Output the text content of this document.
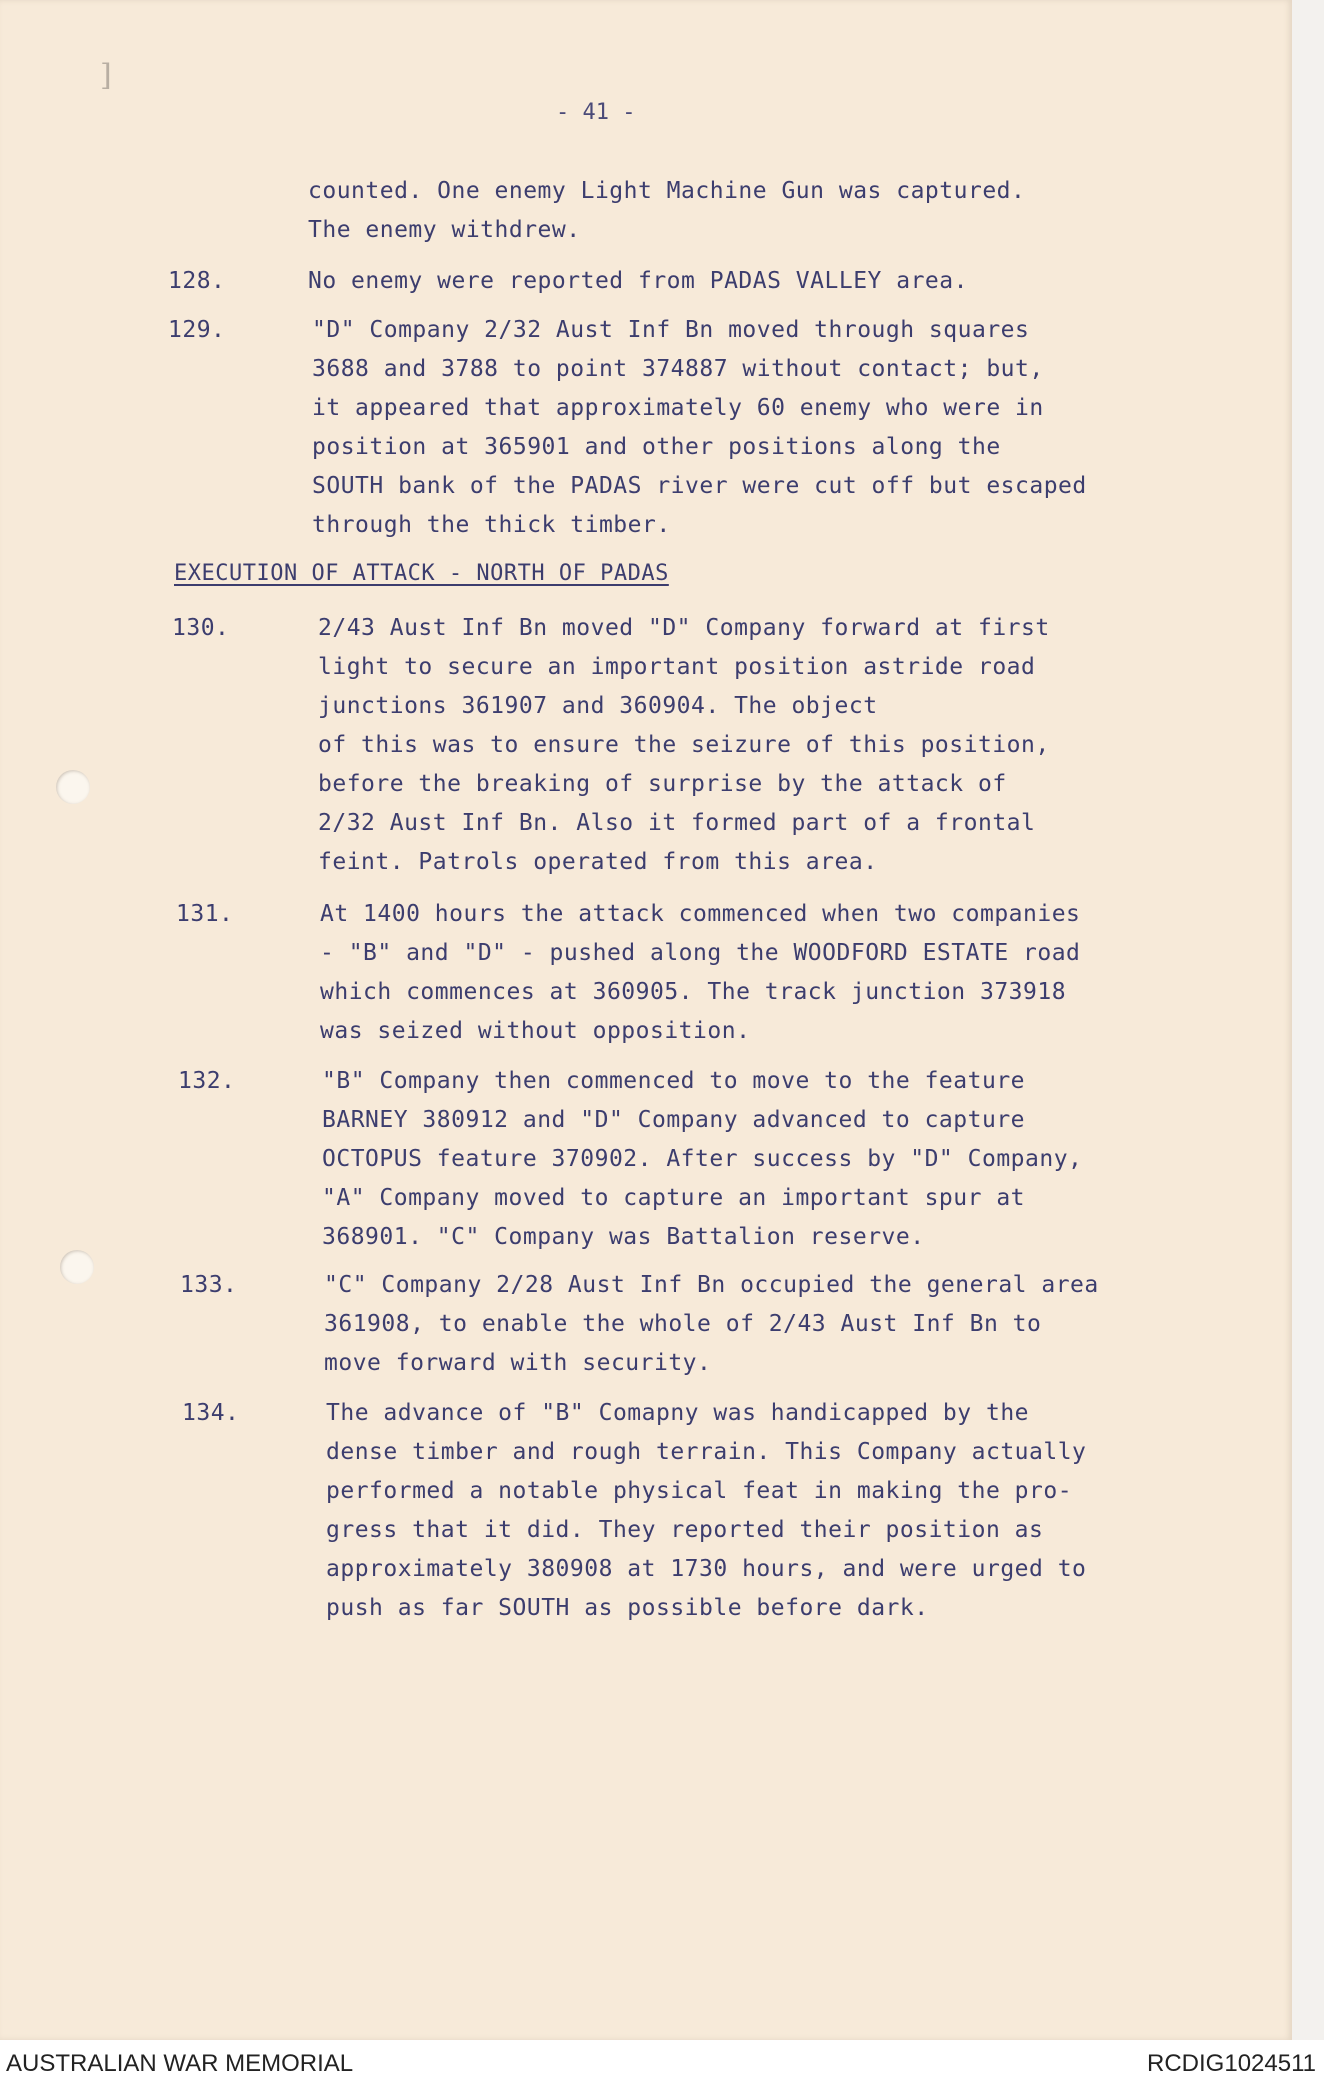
]
- 41 -
counted. One enemy Light Machine Gun was captured.
The enemy withdrew.
128.	No enemy were reported from PADAS VALLEY area.
129.	"D" Company 2/32 Aust Inf Bn moved through squares
3688 and 3788 to point 374887 without contact; but,
it appeared that approximately 60 enemy who were in
position at 365901 and other positions along the
SOUTH bank of the PADAS river were cut off but escaped
through the thick timber.
EXECUTION OF ATTACK - NORTH OF PADAS
130.	2/43 Aust Inf Bn moved "D" Company forward at first
light to secure an important position astride road
junctions 361907 and 360904. The object
of this was to ensure the seizure of this position,
before the breaking of surprise by the attack of
2/32 Aust Inf Bn. Also it formed part of a frontal
feint. Patrols operated from this area.
131.	At 1400 hours the attack commenced when two companies
- "B" and "D" - pushed along the WOODFORD ESTATE road
which commences at 360905. The track junction 373918
was seized without opposition.
132.	"B" Company then commenced to move to the feature
BARNEY 380912 and "D" Company advanced to capture
OCTOPUS feature 370902. After success by "D" Company,
"A" Company moved to capture an important spur at
368901. "C" Company was Battalion reserve.
133.	"C" Company 2/28 Aust Inf Bn occupied the general area
361908, to enable the whole of 2/43 Aust Inf Bn to
move forward with security.
134.	The advance of "B" Comapny was handicapped by the
dense timber and rough terrain. This Company actually
performed a notable physical feat in making the pro-
gress that it did. They reported their position as
approximately 380908 at 1730 hours, and were urged to
push as far SOUTH as possible before dark.
AUSTRALIAN WAR MEMORIAL	RCDIG1024511
